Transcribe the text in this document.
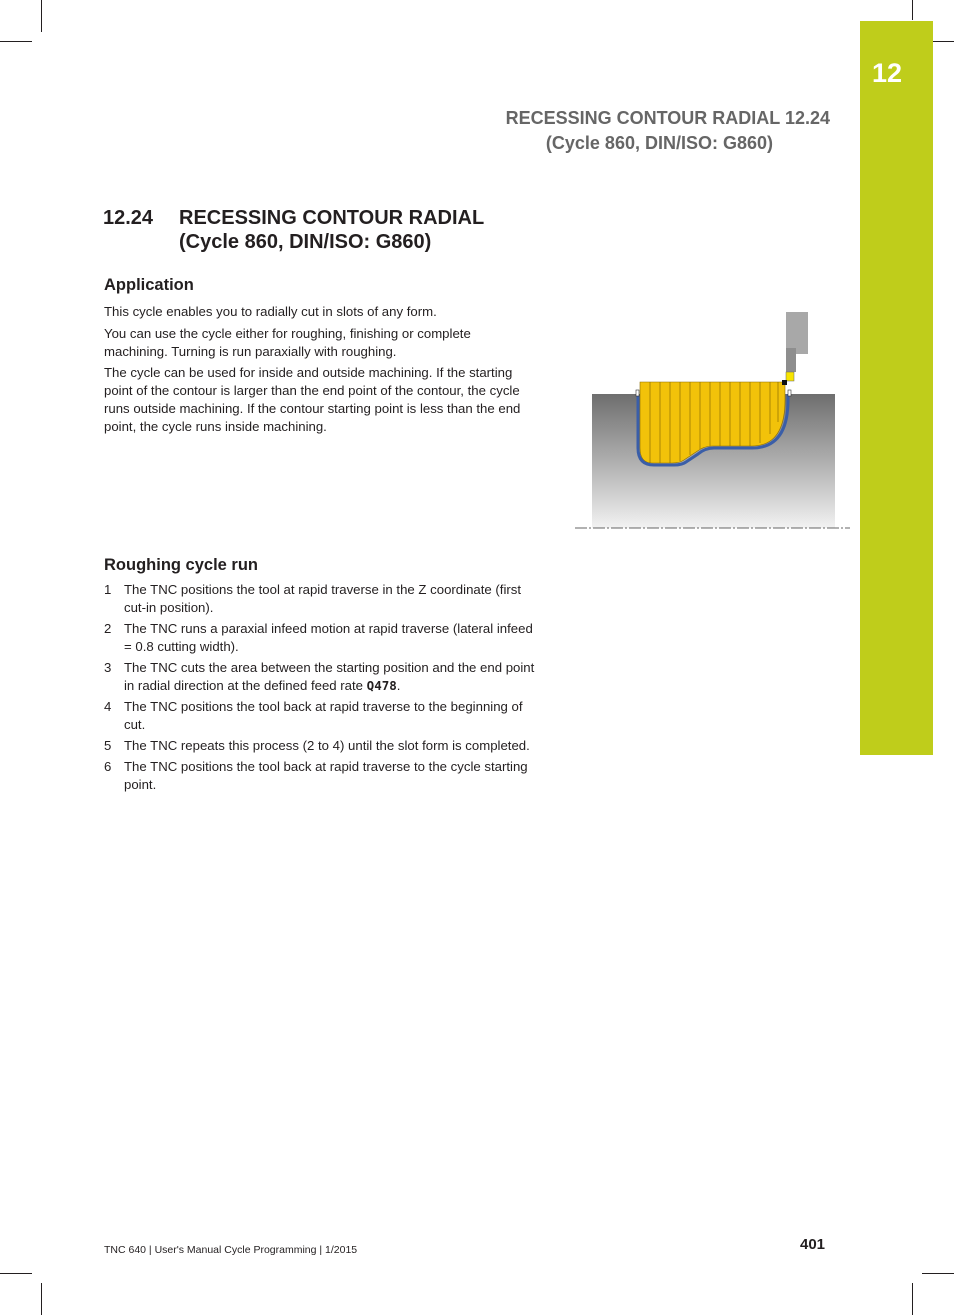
12
RECESSING CONTOUR RADIAL 12.24
(Cycle 860, DIN/ISO: G860)
12.24	RECESSING CONTOUR RADIAL
(Cycle 860, DIN/ISO: G860)
Application

This cycle enables you to radially cut in slots of any form.

You can use the cycle either for roughing, finishing or complete machining. Turning is run paraxially with roughing.

The cycle can be used for inside and outside machining. If the starting point of the contour is larger than the end point of the contour, the cycle runs outside machining. If the contour starting point is less than the end point, the cycle runs inside machining.

Roughing cycle run
1 The TNC positions the tool at rapid traverse in the Z coordinate (first cut-in position).
2 The TNC runs a paraxial infeed motion at rapid traverse (lateral infeed = 0.8 cutting width).
3 The TNC cuts the area between the starting position and the end point in radial direction at the defined feed rate Q478.
4 The TNC positions the tool back at rapid traverse to the beginning of cut.
5 The TNC repeats this process (2 to 4) until the slot form is completed.
6 The TNC positions the tool back at rapid traverse to the cycle starting point.
TNC 640 | User's Manual Cycle Programming | 1/2015	401
